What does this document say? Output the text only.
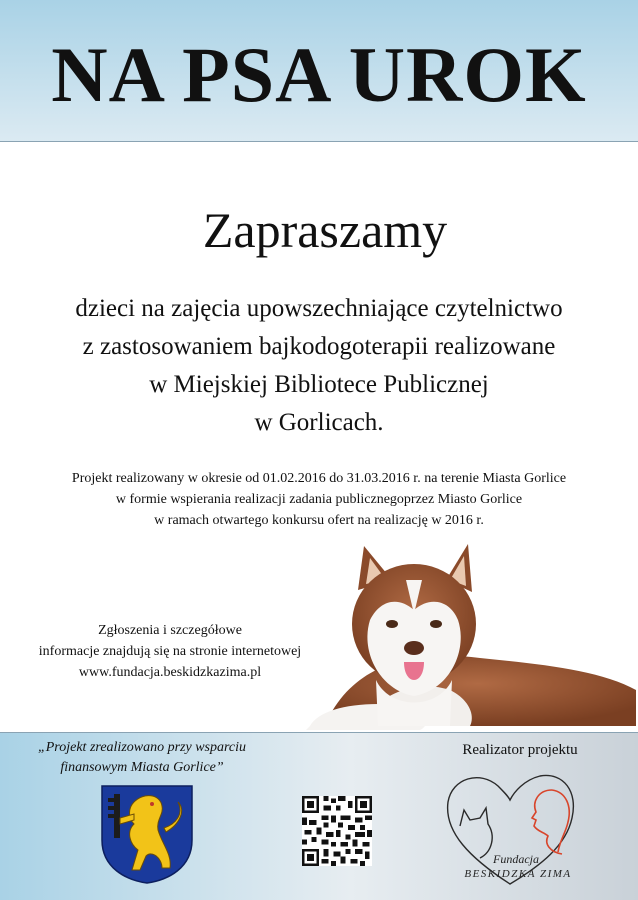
NA PSA UROK
Zapraszamy
dzieci na zajęcia upowszechniające czytelnictwo
z zastosowaniem bajkodogoterapii realizowane
w Miejskiej Bibliotece Publicznej
w Gorlicach.
Projekt realizowany w okresie od 01.02.2016 do 31.03.2016 r. na terenie Miasta Gorlice
w formie wspierania realizacji zadania publicznegoprzez Miasto Gorlice
w ramach otwartego konkursu ofert na realizację w 2016 r.
Zgłoszenia i szczegółowe
informacje znajdują się na stronie internetowej
www.fundacja.beskidzkazima.pl
„Projekt zrealizowano przy wsparciu
finansowym Miasta Gorlice”
Realizator projektu
Fundacja
BESKIDZKA ZIMA
